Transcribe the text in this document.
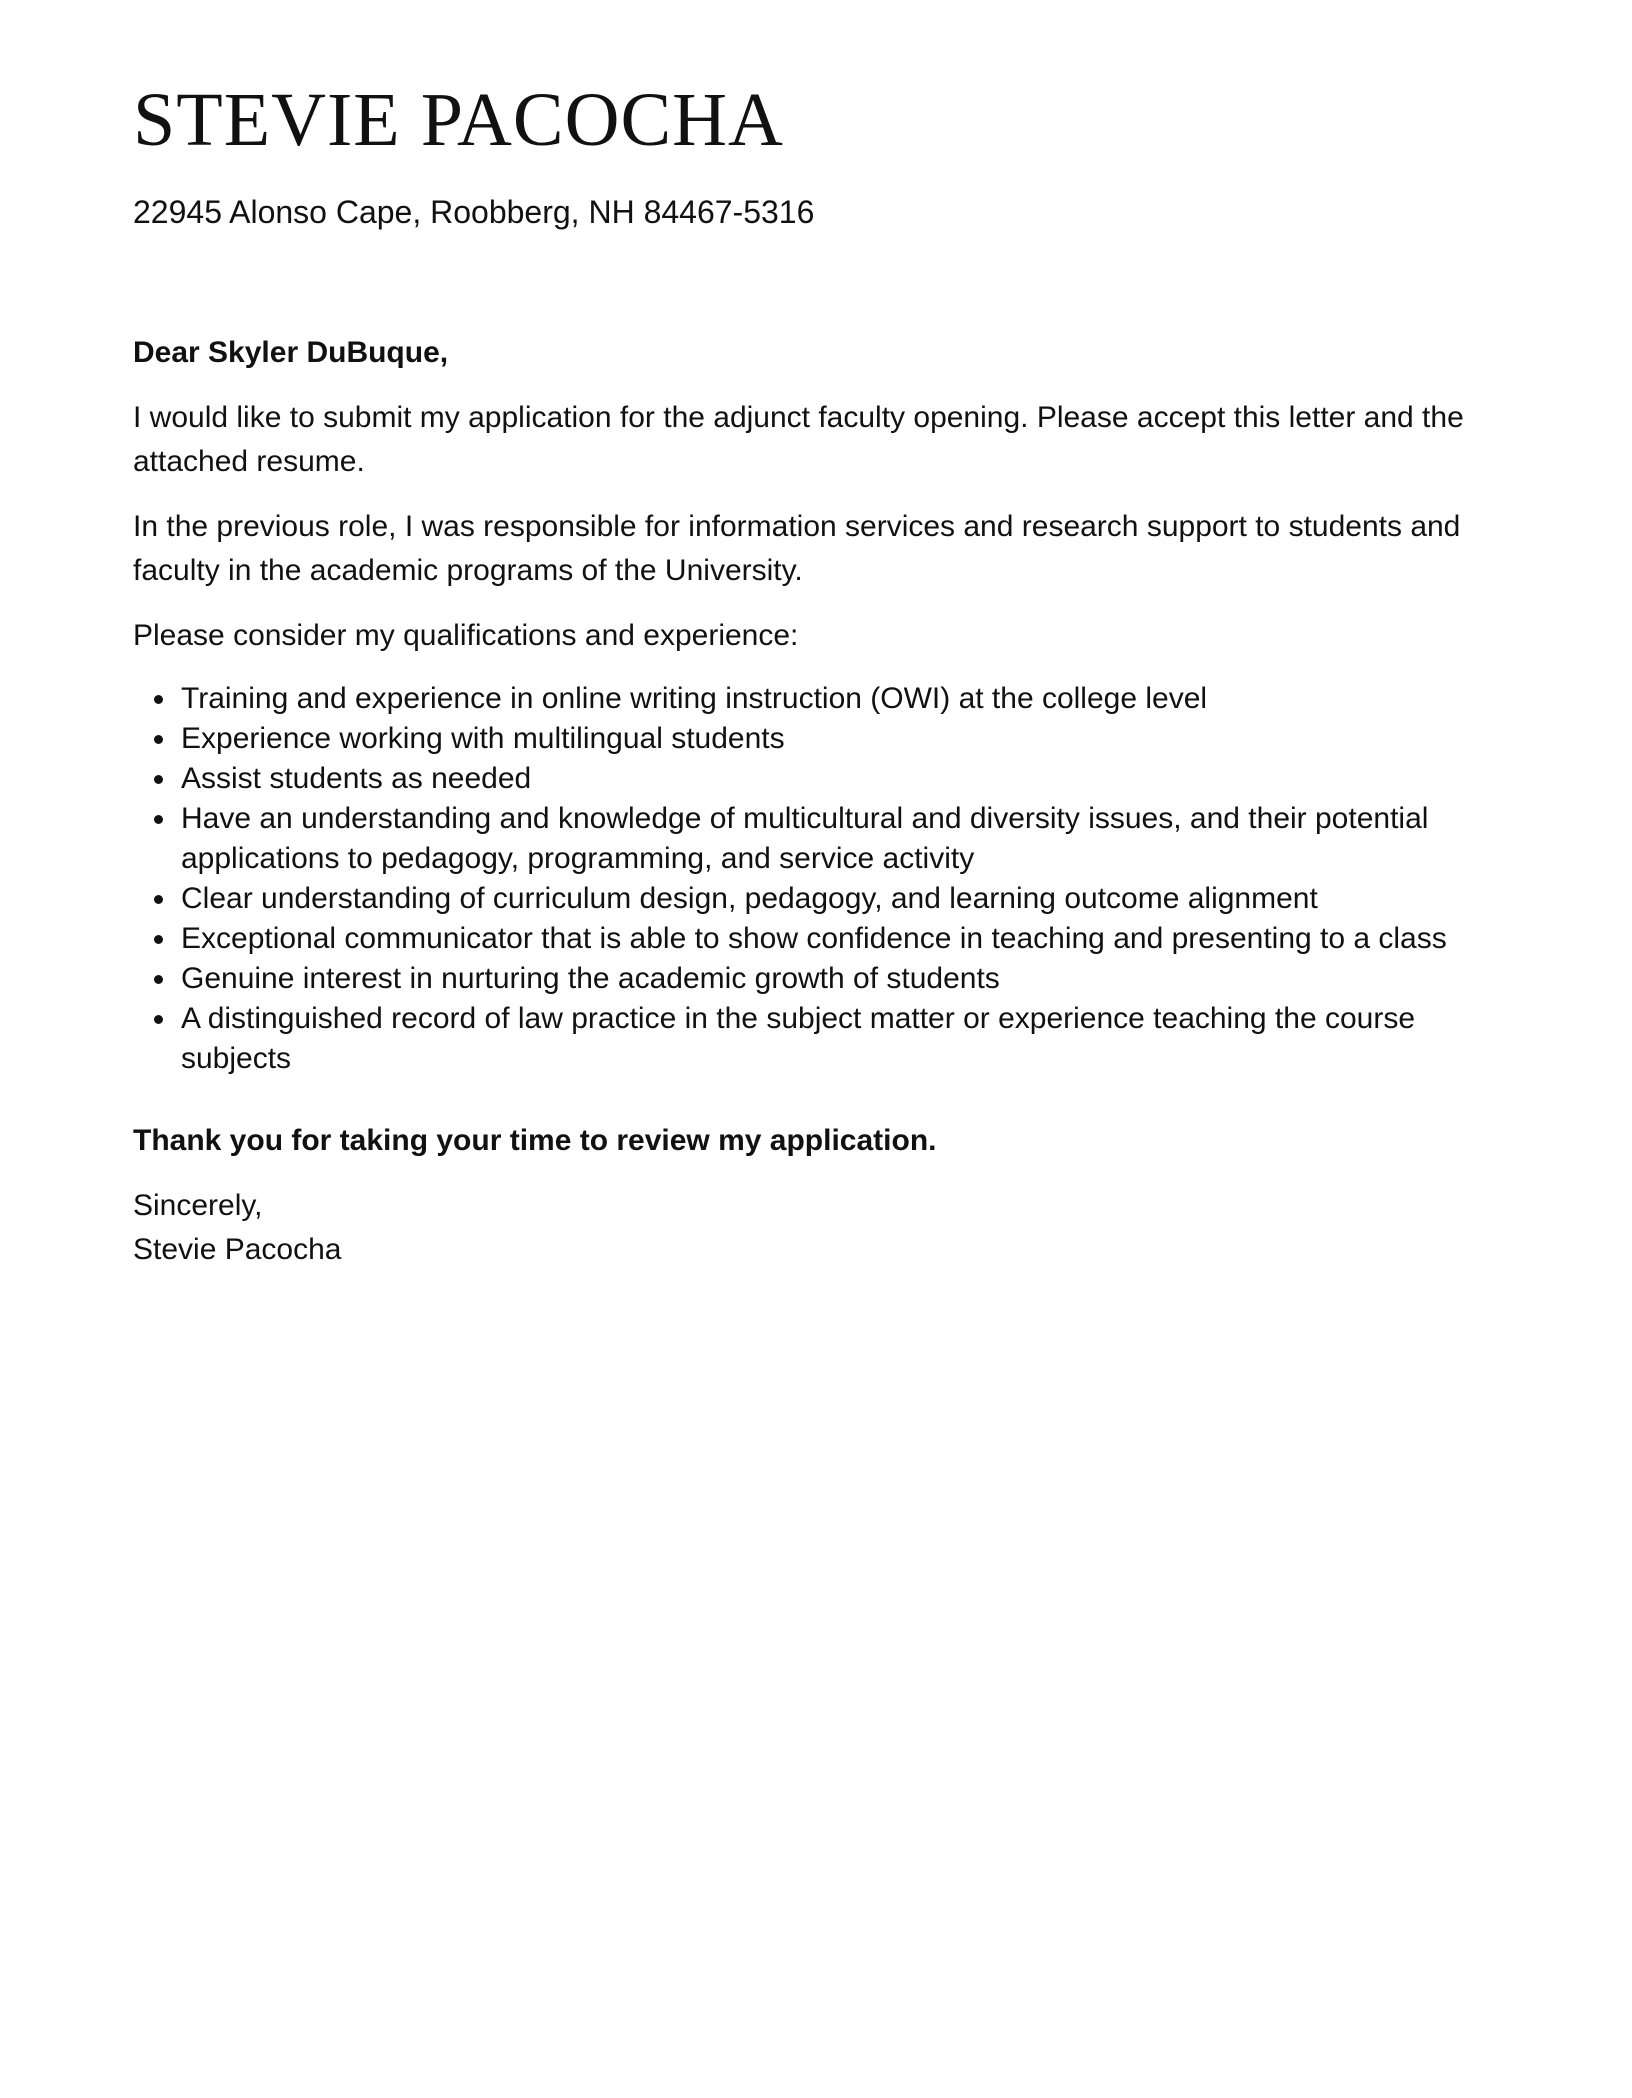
STEVIE PACOCHA
22945 Alonso Cape, Roobberg, NH 84467-5316

Dear Skyler DuBuque,

I would like to submit my application for the adjunct faculty opening. Please accept this letter and the attached resume.

In the previous role, I was responsible for information services and research support to students and faculty in the academic programs of the University.

Please consider my qualifications and experience:

Training and experience in online writing instruction (OWI) at the college level
Experience working with multilingual students
Assist students as needed
Have an understanding and knowledge of multicultural and diversity issues, and their potential applications to pedagogy, programming, and service activity
Clear understanding of curriculum design, pedagogy, and learning outcome alignment
Exceptional communicator that is able to show confidence in teaching and presenting to a class
Genuine interest in nurturing the academic growth of students
A distinguished record of law practice in the subject matter or experience teaching the course subjects

Thank you for taking your time to review my application.

Sincerely,
Stevie Pacocha
